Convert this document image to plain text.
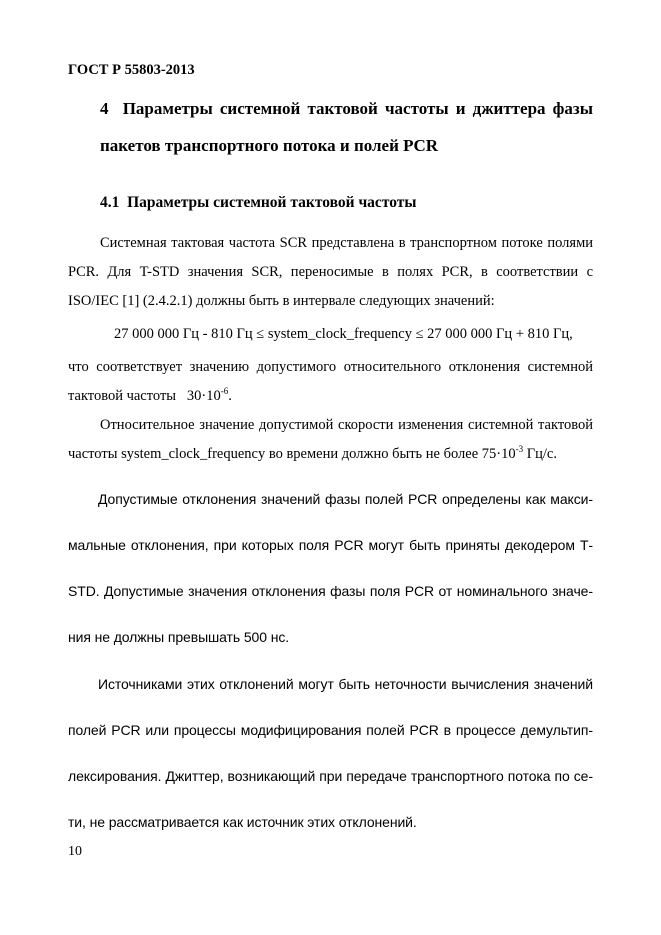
ГОСТ Р 55803-2013
4  Параметры системной тактовой частоты и джиттера фазы
пакетов транспортного потока и полей PCR
4.1  Параметры системной тактовой частоты

Системная тактовая частота SCR представлена в транспортном потоке полями PCR. Для T-STD значения SCR, переносимые в полях PCR, в соответствии с ISO/IEC [1] (2.4.2.1) должны быть в интервале следующих значений:

27 000 000 Гц - 810 Гц ≤ system_clock_frequency ≤ 27 000 000 Гц + 810 Гц,

что соответствует значению допустимого относительного отклонения системной тактовой частоты   $30\cdot 10^{-6}$.

Относительное значение допустимой скорости изменения системной тактовой частоты system_clock_frequency во времени должно быть не более $75\cdot 10^{-3}$ Гц/с.

Допустимые отклонения значений фазы полей PCR определены как максимальные отклонения, при которых поля PCR могут быть приняты декодером Т-STD. Допустимые значения отклонения фазы поля PCR от номинального значения не должны превышать 500 нс.

Источниками этих отклонений могут быть неточности вычисления значений полей PCR или процессы модифицирования полей PCR в процессе демультиплексирования. Джиттер, возникающий при передаче транспортного потока по сети, не рассматривается как источник этих отклонений.

10
